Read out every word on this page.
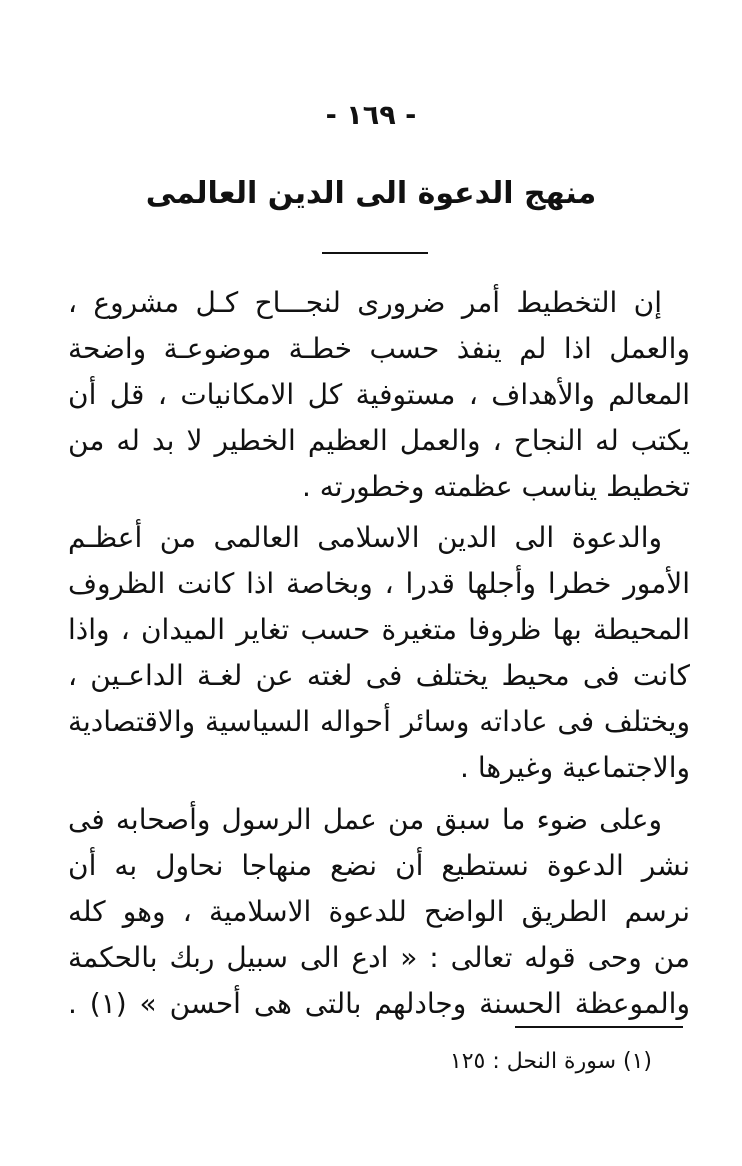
- ١٦٩ -
منهج الدعوة الى الدين العالمى
إن التخطيط أمر ضرورى لنجـــاح كـل مشروع ،
والعمل اذا لم ينفذ حسب خطـة موضوعـة واضحة
المعالم والأهداف ، مستوفية كل الامكانيات ، قل أن
يكتب له النجاح ، والعمل العظيم الخطير لا بد له من
تخطيط يناسب عظمته وخطورته .
والدعوة الى الدين الاسلامى العالمى من أعظـم
الأمور خطرا وأجلها قدرا ، وبخاصة اذا كانت الظروف
المحيطة بها ظروفا متغيرة حسب تغاير الميدان ، واذا
كانت فى محيط يختلف فى لغته عن لغـة الداعـين ،
ويختلف فى عاداته وسائر أحواله السياسية والاقتصادية
والاجتماعية وغيرها .
وعلى ضوء ما سبق من عمل الرسول وأصحابه فى
نشر الدعوة نستطيع أن نضع منهاجا نحاول به أن
نرسم الطريق الواضح للدعوة الاسلامية ، وهو كله
من وحى قوله تعالى : « ادع الى سبيل ربك بالحكمة
والموعظة الحسنة وجادلهم بالتى هى أحسن » (١) .
(١) سورة النحل : ١٢٥
